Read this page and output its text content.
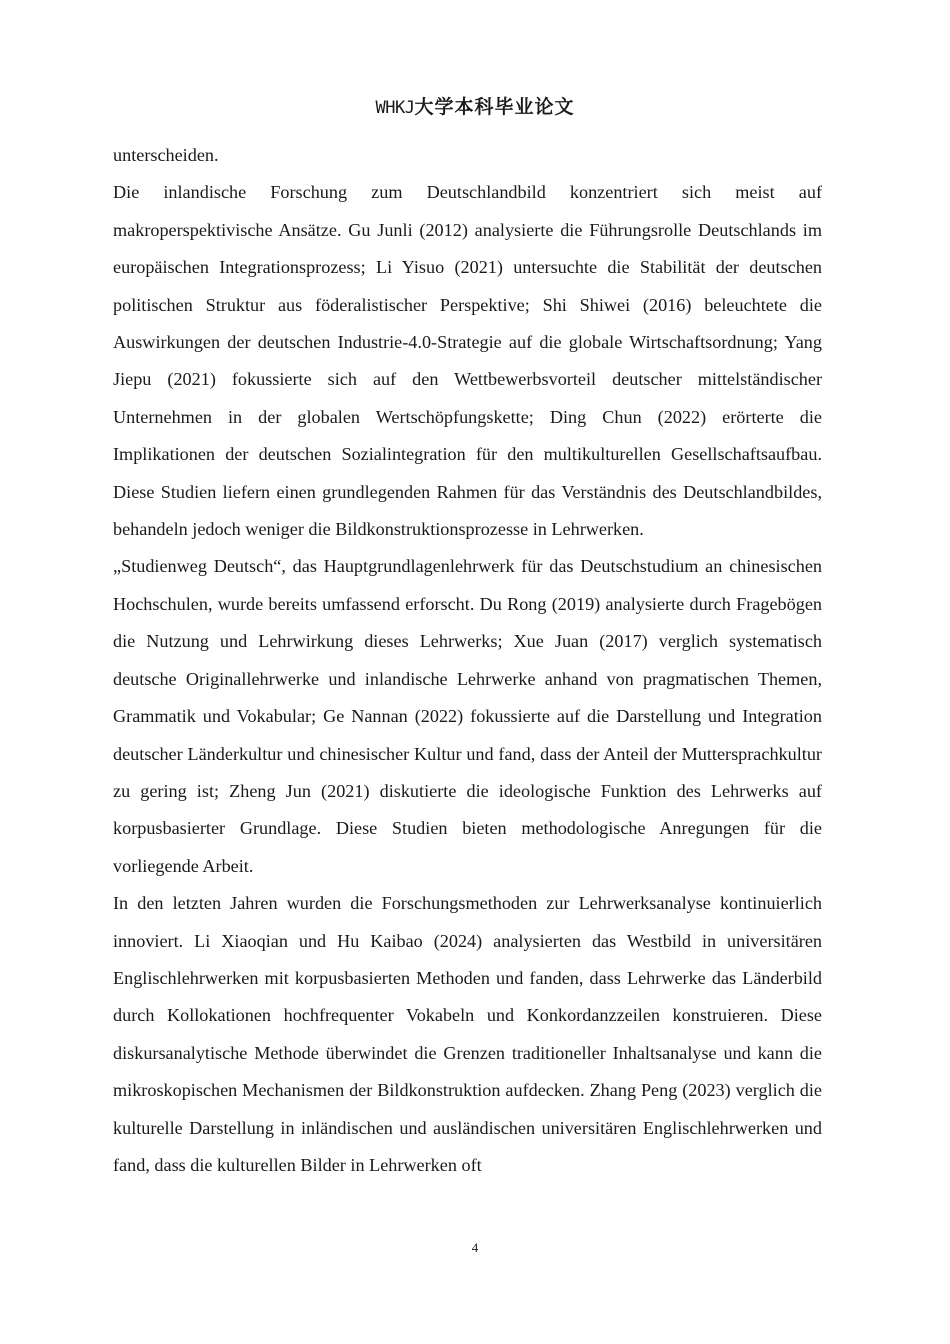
WHKJ大学本科毕业论文

unterscheiden.

Die inlandische Forschung zum Deutschlandbild konzentriert sich meist auf makroperspektivische Ansätze. Gu Junli (2012) analysierte die Führungsrolle Deutschlands im europäischen Integrationsprozess; Li Yisuo (2021) untersuchte die Stabilität der deutschen politischen Struktur aus föderalistischer Perspektive; Shi Shiwei (2016) beleuchtete die Auswirkungen der deutschen Industrie-4.0-Strategie auf die globale Wirtschaftsordnung; Yang Jiepu (2021) fokussierte sich auf den Wettbewerbsvorteil deutscher mittelständischer Unternehmen in der globalen Wertschöpfungskette; Ding Chun (2022) erörterte die Implikationen der deutschen Sozialintegration für den multikulturellen Gesellschaftsaufbau. Diese Studien liefern einen grundlegenden Rahmen für das Verständnis des Deutschlandbildes, behandeln jedoch weniger die Bildkonstruktionsprozesse in Lehrwerken.

„Studienweg Deutsch“, das Hauptgrundlagenlehrwerk für das Deutschstudium an chinesischen Hochschulen, wurde bereits umfassend erforscht. Du Rong (2019) analysierte durch Fragebögen die Nutzung und Lehrwirkung dieses Lehrwerks; Xue Juan (2017) verglich systematisch deutsche Originallehrwerke und inlandische Lehrwerke anhand von pragmatischen Themen, Grammatik und Vokabular; Ge Nannan (2022) fokussierte auf die Darstellung und Integration deutscher Länderkultur und chinesischer Kultur und fand, dass der Anteil der Muttersprachkultur zu gering ist; Zheng Jun (2021) diskutierte die ideologische Funktion des Lehrwerks auf korpusbasierter Grundlage. Diese Studien bieten methodologische Anregungen für die vorliegende Arbeit.

In den letzten Jahren wurden die Forschungsmethoden zur Lehrwerksanalyse kontinuierlich innoviert. Li Xiaoqian und Hu Kaibao (2024) analysierten das Westbild in universitären Englischlehrwerken mit korpusbasierten Methoden und fanden, dass Lehrwerke das Länderbild durch Kollokationen hochfrequenter Vokabeln und Konkordanzzeilen konstruieren. Diese diskursanalytische Methode überwindet die Grenzen traditioneller Inhaltsanalyse und kann die mikroskopischen Mechanismen der Bildkonstruktion aufdecken. Zhang Peng (2023) verglich die kulturelle Darstellung in inländischen und ausländischen universitären Englischlehrwerken und fand, dass die kulturellen Bilder in Lehrwerken oft

4
